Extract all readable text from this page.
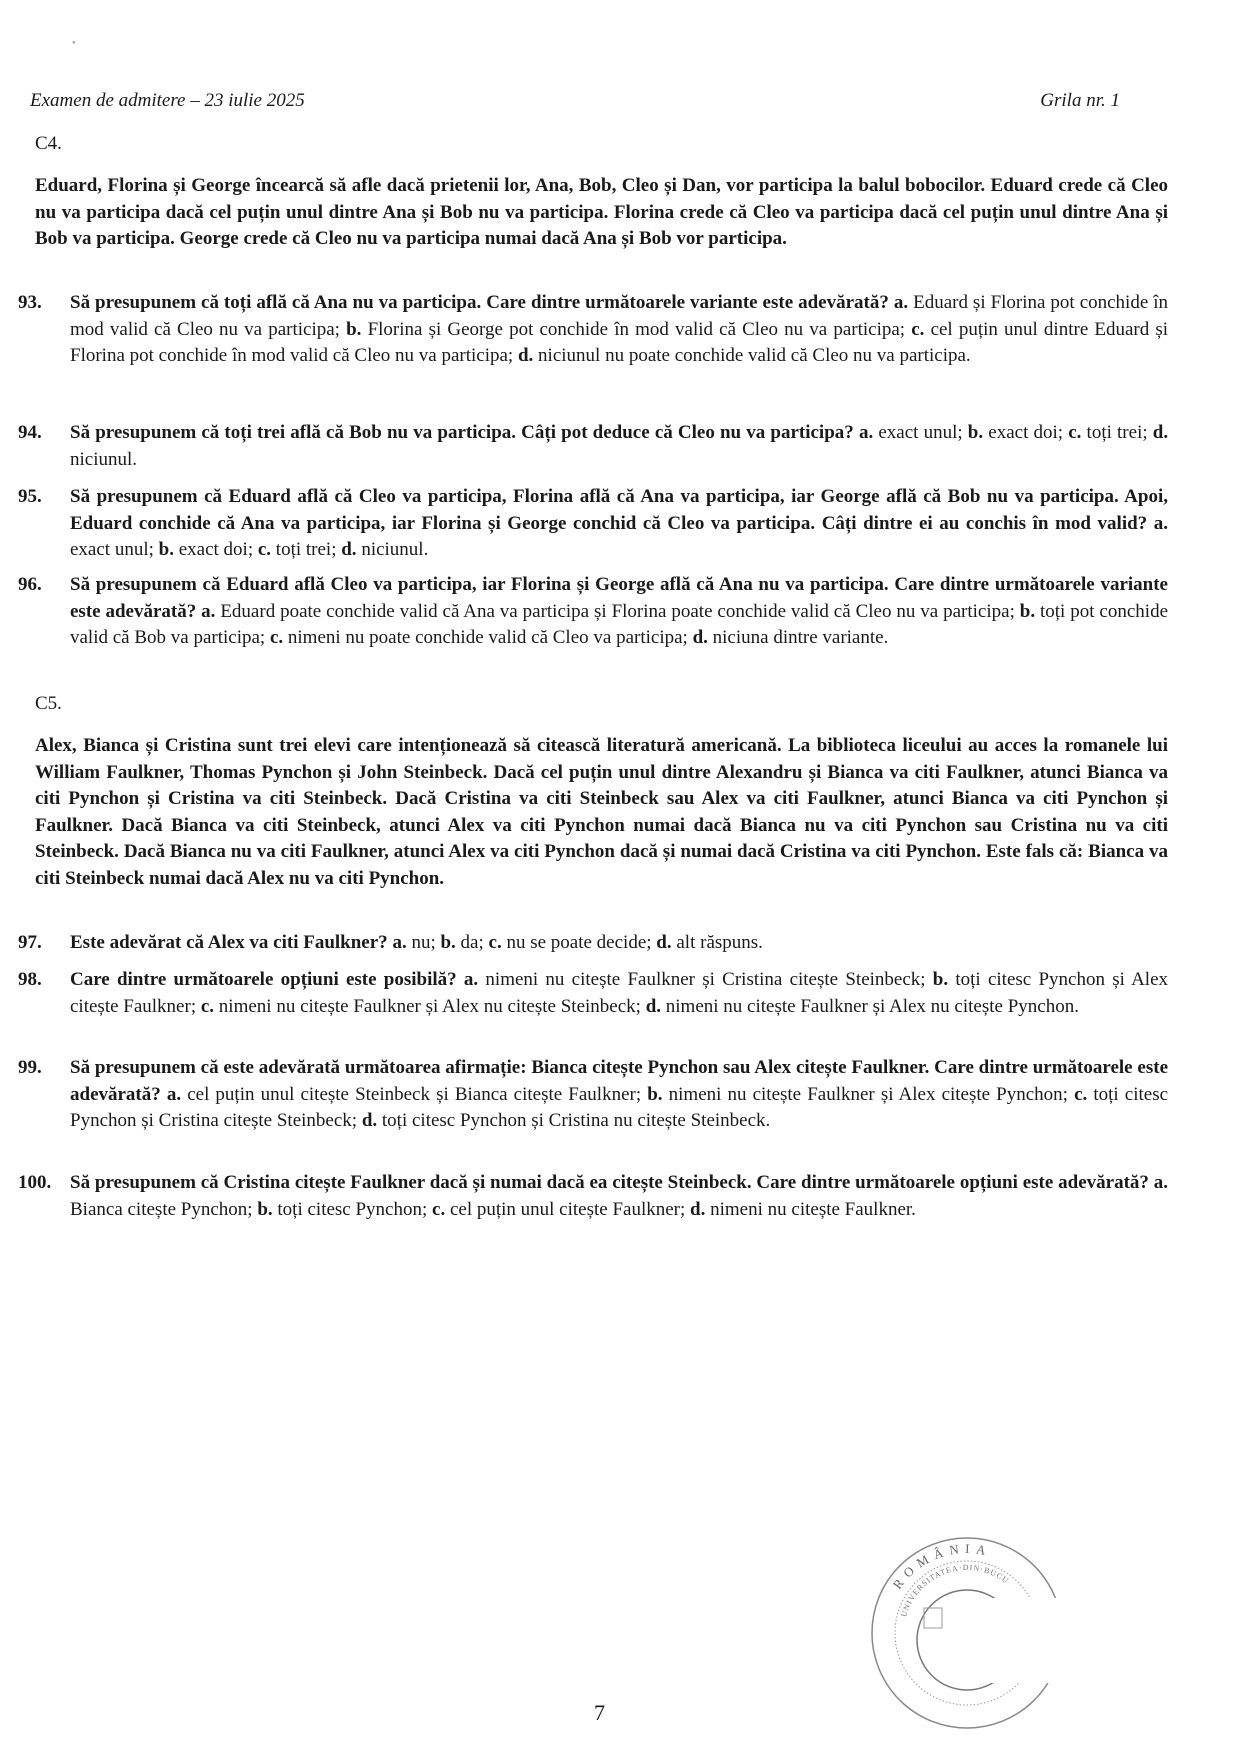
•
Examen de admitere – 23 iulie 2025	Grila nr. 1
C4.
Eduard, Florina și George încearcă să afle dacă prietenii lor, Ana, Bob, Cleo și Dan, vor participa la balul bobocilor. Eduard crede că Cleo nu va participa dacă cel puțin unul dintre Ana și Bob nu va participa. Florina crede că Cleo va participa dacă cel puțin unul dintre Ana și Bob va participa. George crede că Cleo nu va participa numai dacă Ana și Bob vor participa.
C5.
Alex, Bianca și Cristina sunt trei elevi care intenționează să citească literatură americană. La biblioteca liceului au acces la romanele lui William Faulkner, Thomas Pynchon și John Steinbeck. Dacă cel puțin unul dintre Alexandru și Bianca va citi Faulkner, atunci Bianca va citi Pynchon și Cristina va citi Steinbeck. Dacă Cristina va citi Steinbeck sau Alex va citi Faulkner, atunci Bianca va citi Pynchon și Faulkner. Dacă Bianca va citi Steinbeck, atunci Alex va citi Pynchon numai dacă Bianca nu va citi Pynchon sau Cristina nu va citi Steinbeck. Dacă Bianca nu va citi Faulkner, atunci Alex va citi Pynchon dacă și numai dacă Cristina va citi Pynchon. Este fals că: Bianca va citi Steinbeck numai dacă Alex nu va citi Pynchon.
93.	Să presupunem că toți află că Ana nu va participa. Care dintre următoarele variante este adevărată? a. Eduard și Florina pot conchide în mod valid că Cleo nu va participa; b. Florina și George pot conchide în mod valid că Cleo nu va participa; c. cel puțin unul dintre Eduard și Florina pot conchide în mod valid că Cleo nu va participa; d. niciunul nu poate conchide valid că Cleo nu va participa.
94.	Să presupunem că toți trei află că Bob nu va participa. Câți pot deduce că Cleo nu va participa? a. exact unul; b. exact doi; c. toți trei; d. niciunul.
95.	Să presupunem că Eduard află că Cleo va participa, Florina află că Ana va participa, iar George află că Bob nu va participa. Apoi, Eduard conchide că Ana va participa, iar Florina și George conchid că Cleo va participa. Câți dintre ei au conchis în mod valid? a. exact unul; b. exact doi; c. toți trei; d. niciunul.
96.	Să presupunem că Eduard află Cleo va participa, iar Florina și George află că Ana nu va participa. Care dintre următoarele variante este adevărată? a. Eduard poate conchide valid că Ana va participa și Florina poate conchide valid că Cleo nu va participa; b. toți pot conchide valid că Bob va participa; c. nimeni nu poate conchide valid că Cleo va participa; d. niciuna dintre variante.
97.	Este adevărat că Alex va citi Faulkner? a. nu; b. da; c. nu se poate decide; d. alt răspuns.
98.	Care dintre următoarele opțiuni este posibilă? a. nimeni nu citește Faulkner și Cristina citește Steinbeck; b. toți citesc Pynchon și Alex citește Faulkner; c. nimeni nu citește Faulkner și Alex nu citește Steinbeck; d. nimeni nu citește Faulkner și Alex nu citește Pynchon.
99.	Să presupunem că este adevărată următoarea afirmație: Bianca citește Pynchon sau Alex citește Faulkner. Care dintre următoarele este adevărată? a. cel puțin unul citește Steinbeck și Bianca citește Faulkner; b. nimeni nu citește Faulkner și Alex citește Pynchon; c. toți citesc Pynchon și Cristina citește Steinbeck; d. toți citesc Pynchon și Cristina nu citește Steinbeck.
100. Să presupunem că Cristina citește Faulkner dacă și numai dacă ea citește Steinbeck. Care dintre următoarele opțiuni este adevărată? a. Bianca citește Pynchon; b. toți citesc Pynchon; c. cel puțin unul citește Faulkner; d. nimeni nu citește Faulkner.
7
ROMÂNIA
UNIVERSITATEA·DIN·BUCU
